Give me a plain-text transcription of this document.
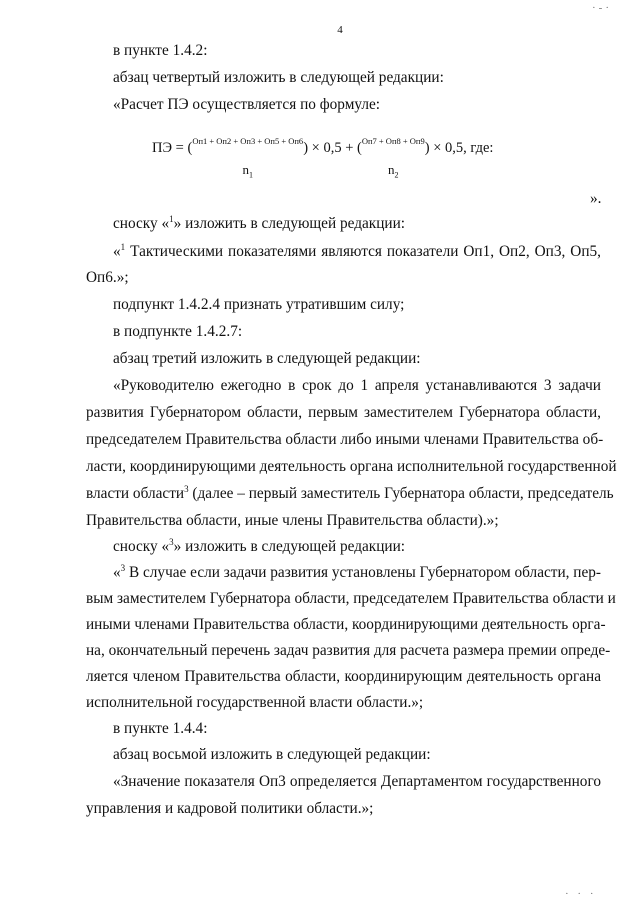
4
в пункте 1.4.2:
абзац четвертый изложить в следующей редакции:
«Расчет ПЭ осуществляется по формуле:
ПЭ = ($^{Оп1 + Оп2 + Оп3 + Оп5 + Оп6}$
$n_1$
) × 0,5 + ($^{Оп7 + Оп8 + Оп9}$
$n_2$
) × 0,5, где:
».
сноску «$^1$» изложить в следующей редакции:
«$^1$ Тактическими показателями являются показатели Оп1, Оп2, Оп3, Оп5,
Оп6.»;
подпункт 1.4.2.4 признать утратившим силу;
в подпункте 1.4.2.7:
абзац третий изложить в следующей редакции:
«Руководителю ежегодно в срок до 1 апреля устанавливаются 3 задачи
развития Губернатором области, первым заместителем Губернатора области,
председателем Правительства области либо иными членами Правительства об-
ласти, координирующими деятельность органа исполнительной государственной
власти области$^3$ (далее – первый заместитель Губернатора области, председатель
Правительства области, иные члены Правительства области).»;
сноску «$^3$» изложить в следующей редакции:
«$^3$ В случае если задачи развития установлены Губернатором области, пер-
вым заместителем Губернатора области, председателем Правительства области и
иными членами Правительства области, координирующими деятельность орга-
на, окончательный перечень задач развития для расчета размера премии опреде-
ляется членом Правительства области, координирующим деятельность органа
исполнительной государственной власти области.»;
в пункте 1.4.4:
абзац восьмой изложить в следующей редакции:
«Значение показателя Оп3 определяется Департаментом государственного
управления и кадровой политики области.»;
·-·
· · ·
